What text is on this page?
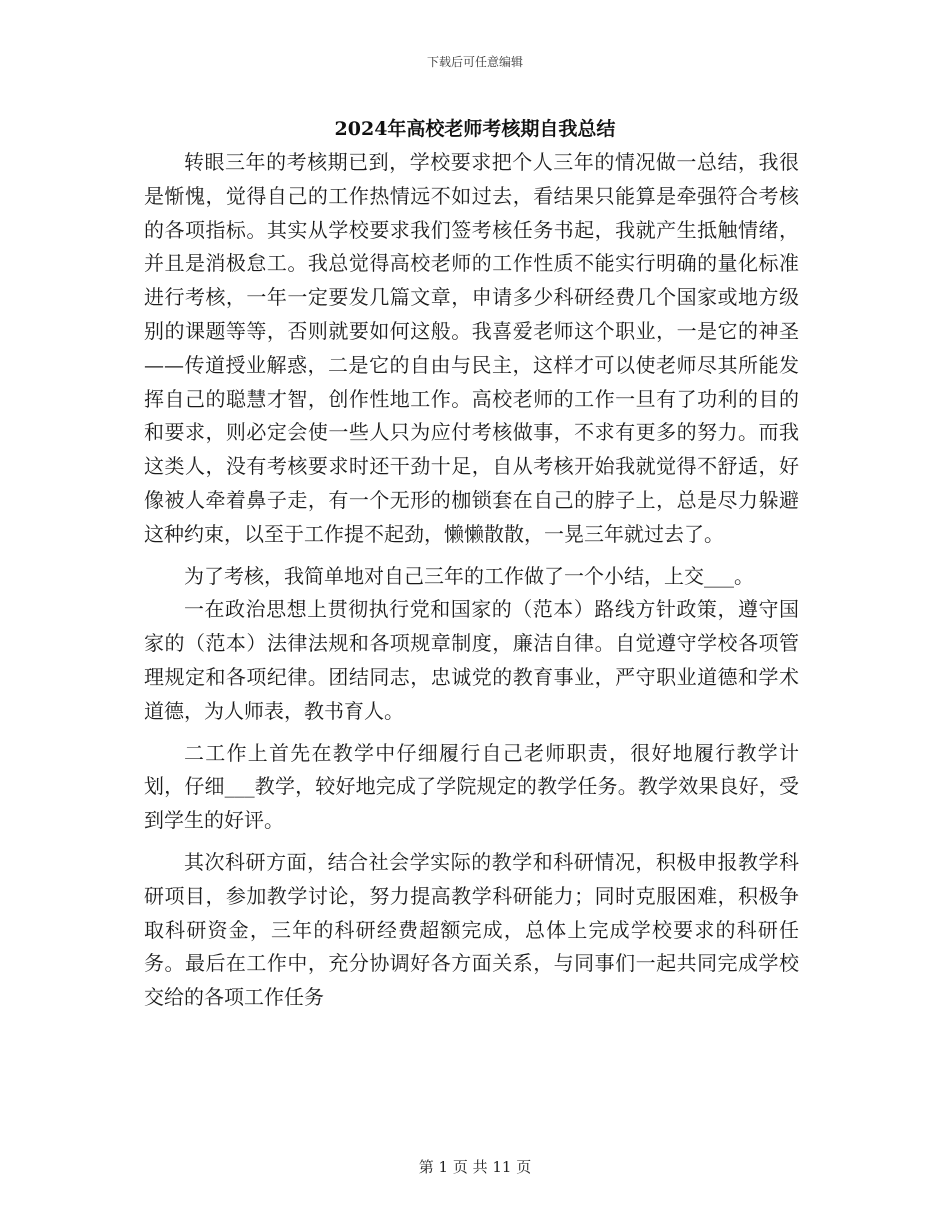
下载后可任意编辑
2024年高校老师考核期自我总结

转眼三年的考核期已到，学校要求把个人三年的情况做一总结，我很是惭愧，觉得自己的工作热情远不如过去，看结果只能算是牵强符合考核的各项指标。其实从学校要求我们签考核任务书起，我就产生抵触情绪，并且是消极怠工。我总觉得高校老师的工作性质不能实行明确的量化标准进行考核，一年一定要发几篇文章，申请多少科研经费几个国家或地方级别的课题等等，否则就要如何这般。我喜爱老师这个职业，一是它的神圣——传道授业解惑，二是它的自由与民主，这样才可以使老师尽其所能发挥自己的聪慧才智，创作性地工作。高校老师的工作一旦有了功利的目的和要求，则必定会使一些人只为应付考核做事，不求有更多的努力。而我这类人，没有考核要求时还干劲十足，自从考核开始我就觉得不舒适，好像被人牵着鼻子走，有一个无形的枷锁套在自己的脖子上，总是尽力躲避这种约束，以至于工作提不起劲，懒懒散散，一晃三年就过去了。

为了考核，我简单地对自己三年的工作做了一个小结，上交___。

一在政治思想上贯彻执行党和国家的（范本）路线方针政策，遵守国家的（范本）法律法规和各项规章制度，廉洁自律。自觉遵守学校各项管理规定和各项纪律。团结同志，忠诚党的教育事业，严守职业道德和学术道德，为人师表，教书育人。

二工作上首先在教学中仔细履行自己老师职责，很好地履行教学计划，仔细___教学，较好地完成了学院规定的教学任务。教学效果良好，受到学生的好评。

其次科研方面，结合社会学实际的教学和科研情况，积极申报教学科研项目，参加教学讨论，努力提高教学科研能力；同时克服困难，积极争取科研资金，三年的科研经费超额完成，总体上完成学校要求的科研任务。最后在工作中，充分协调好各方面关系，与同事们一起共同完成学校交给的各项工作任务

第 1 页 共 11 页
